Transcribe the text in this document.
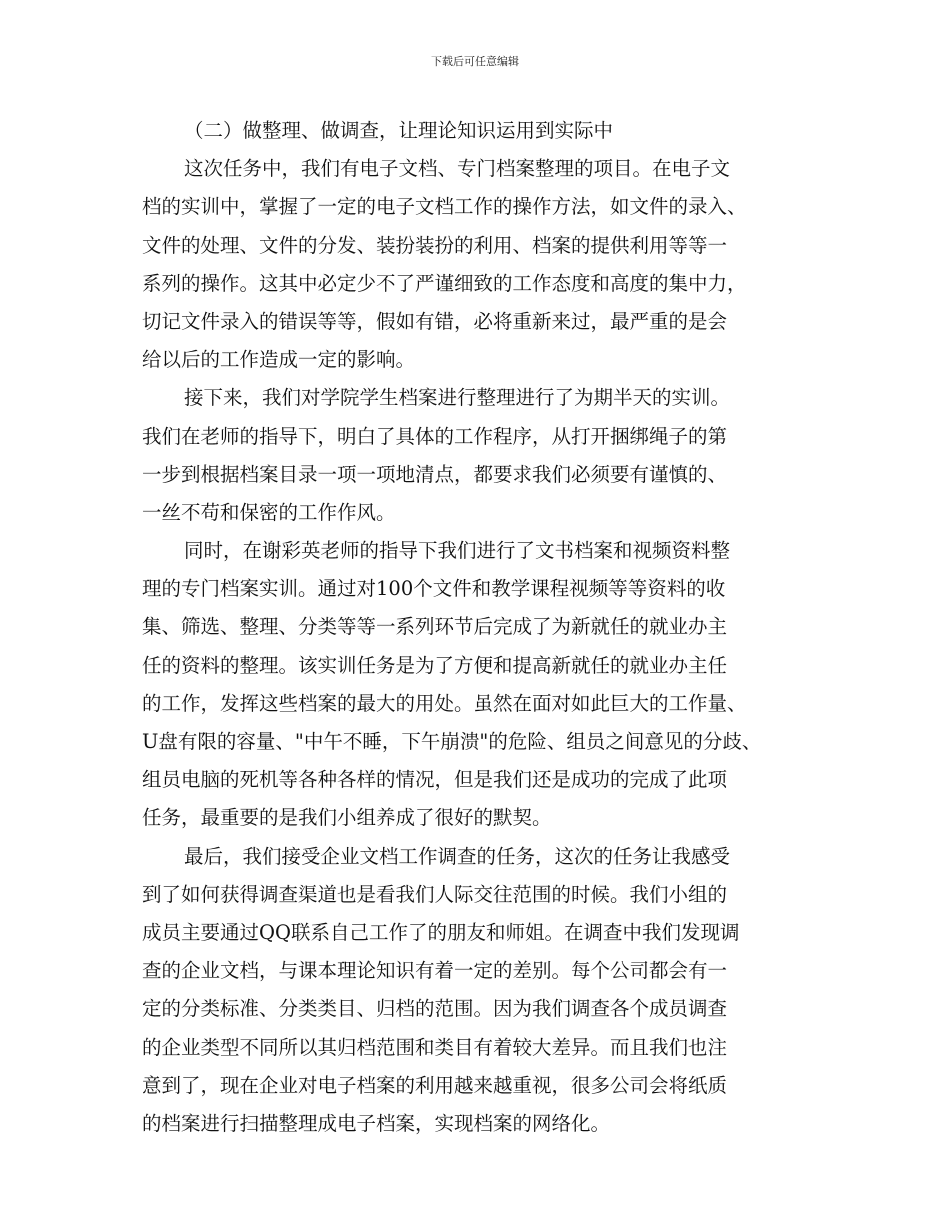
下载后可任意编辑
（二）做整理、做调查，让理论知识运用到实际中
这次任务中，我们有电子文档、专门档案整理的项目。在电子文
档的实训中，掌握了一定的电子文档工作的操作方法，如文件的录入、
文件的处理、文件的分发、装扮装扮的利用、档案的提供利用等等一
系列的操作。这其中必定少不了严谨细致的工作态度和高度的集中力，
切记文件录入的错误等等，假如有错，必将重新来过，最严重的是会
给以后的工作造成一定的影响。
接下来，我们对学院学生档案进行整理进行了为期半天的实训。
我们在老师的指导下，明白了具体的工作程序，从打开捆绑绳子的第
一步到根据档案目录一项一项地清点，都要求我们必须要有谨慎的、
一丝不苟和保密的工作作风。
同时，在谢彩英老师的指导下我们进行了文书档案和视频资料整
理的专门档案实训。通过对100个文件和教学课程视频等等资料的收
集、筛选、整理、分类等等一系列环节后完成了为新就任的就业办主
任的资料的整理。该实训任务是为了方便和提高新就任的就业办主任
的工作，发挥这些档案的最大的用处。虽然在面对如此巨大的工作量、
U盘有限的容量、"中午不睡，下午崩溃"的危险、组员之间意见的分歧、
组员电脑的死机等各种各样的情况，但是我们还是成功的完成了此项
任务，最重要的是我们小组养成了很好的默契。
最后，我们接受企业文档工作调查的任务，这次的任务让我感受
到了如何获得调查渠道也是看我们人际交往范围的时候。我们小组的
成员主要通过QQ联系自己工作了的朋友和师姐。在调查中我们发现调
查的企业文档，与课本理论知识有着一定的差别。每个公司都会有一
定的分类标准、分类类目、归档的范围。因为我们调查各个成员调查
的企业类型不同所以其归档范围和类目有着较大差异。而且我们也注
意到了，现在企业对电子档案的利用越来越重视，很多公司会将纸质
的档案进行扫描整理成电子档案，实现档案的网络化。
